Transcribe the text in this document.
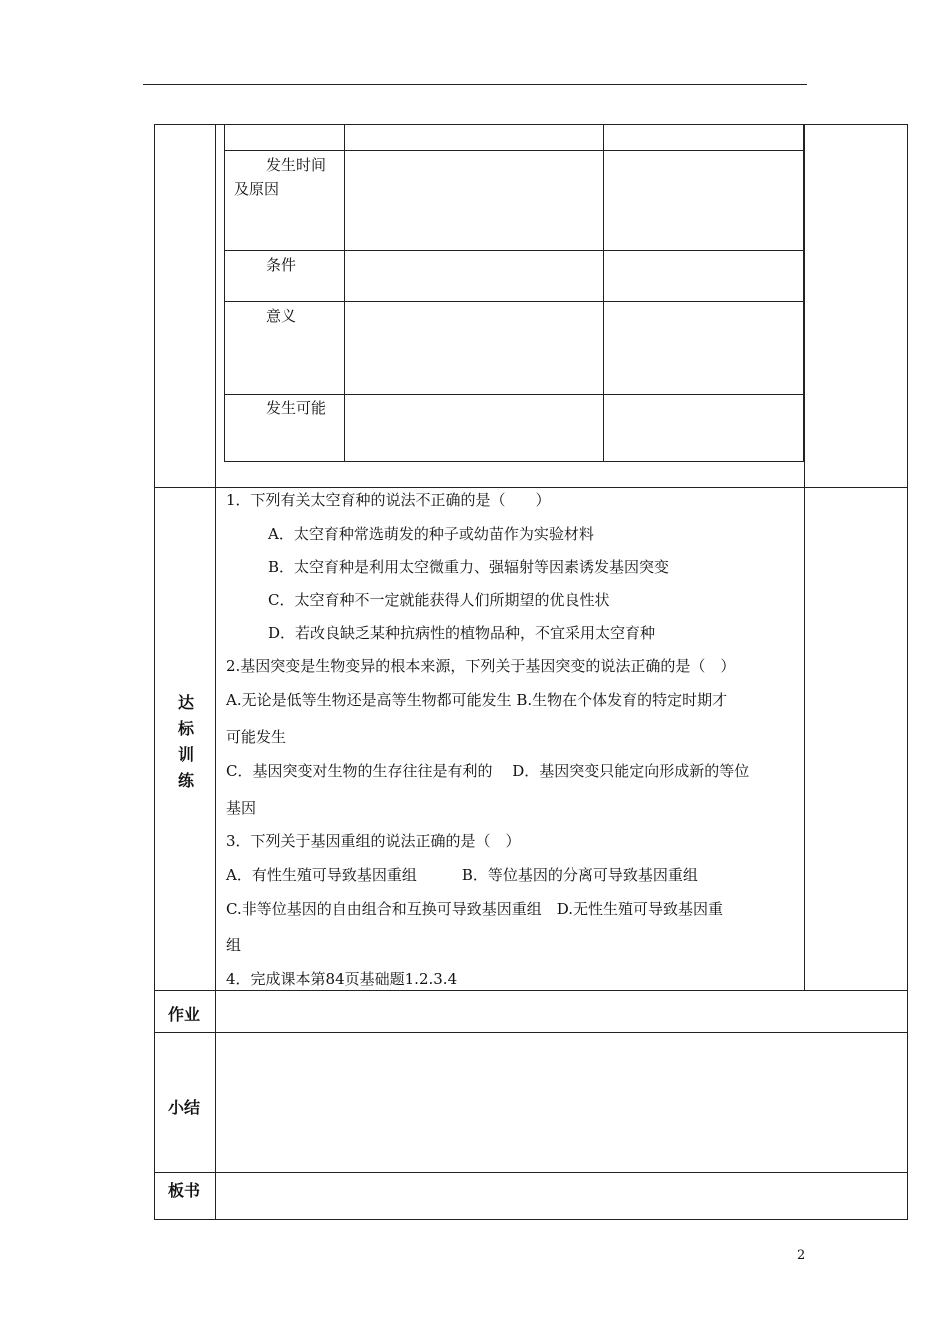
发生时间
及原因
条件
意义
发生可能
达
标
训
练
1．下列有关太空育种的说法不正确的是（　　）
A．太空育种常选萌发的种子或幼苗作为实验材料
B．太空育种是利用太空微重力、强辐射等因素诱发基因突变
C．太空育种不一定就能获得人们所期望的优良性状
D．若改良缺乏某种抗病性的植物品种，不宜采用太空育种
2.基因突变是生物变异的根本来源，下列关于基因突变的说法正确的是（　）
A.无论是低等生物还是高等生物都可能发生 B.生物在个体发育的特定时期才
可能发生
C．基因突变对生物的生存往往是有利的　 D．基因突变只能定向形成新的等位
基因
3．下列关于基因重组的说法正确的是（　）
A．有性生殖可导致基因重组　　　B．等位基因的分离可导致基因重组
C.非等位基因的自由组合和互换可导致基因重组　D.无性生殖可导致基因重
组
4．完成课本第84页基础题1.2.3.4
作业
小结
板书
2
